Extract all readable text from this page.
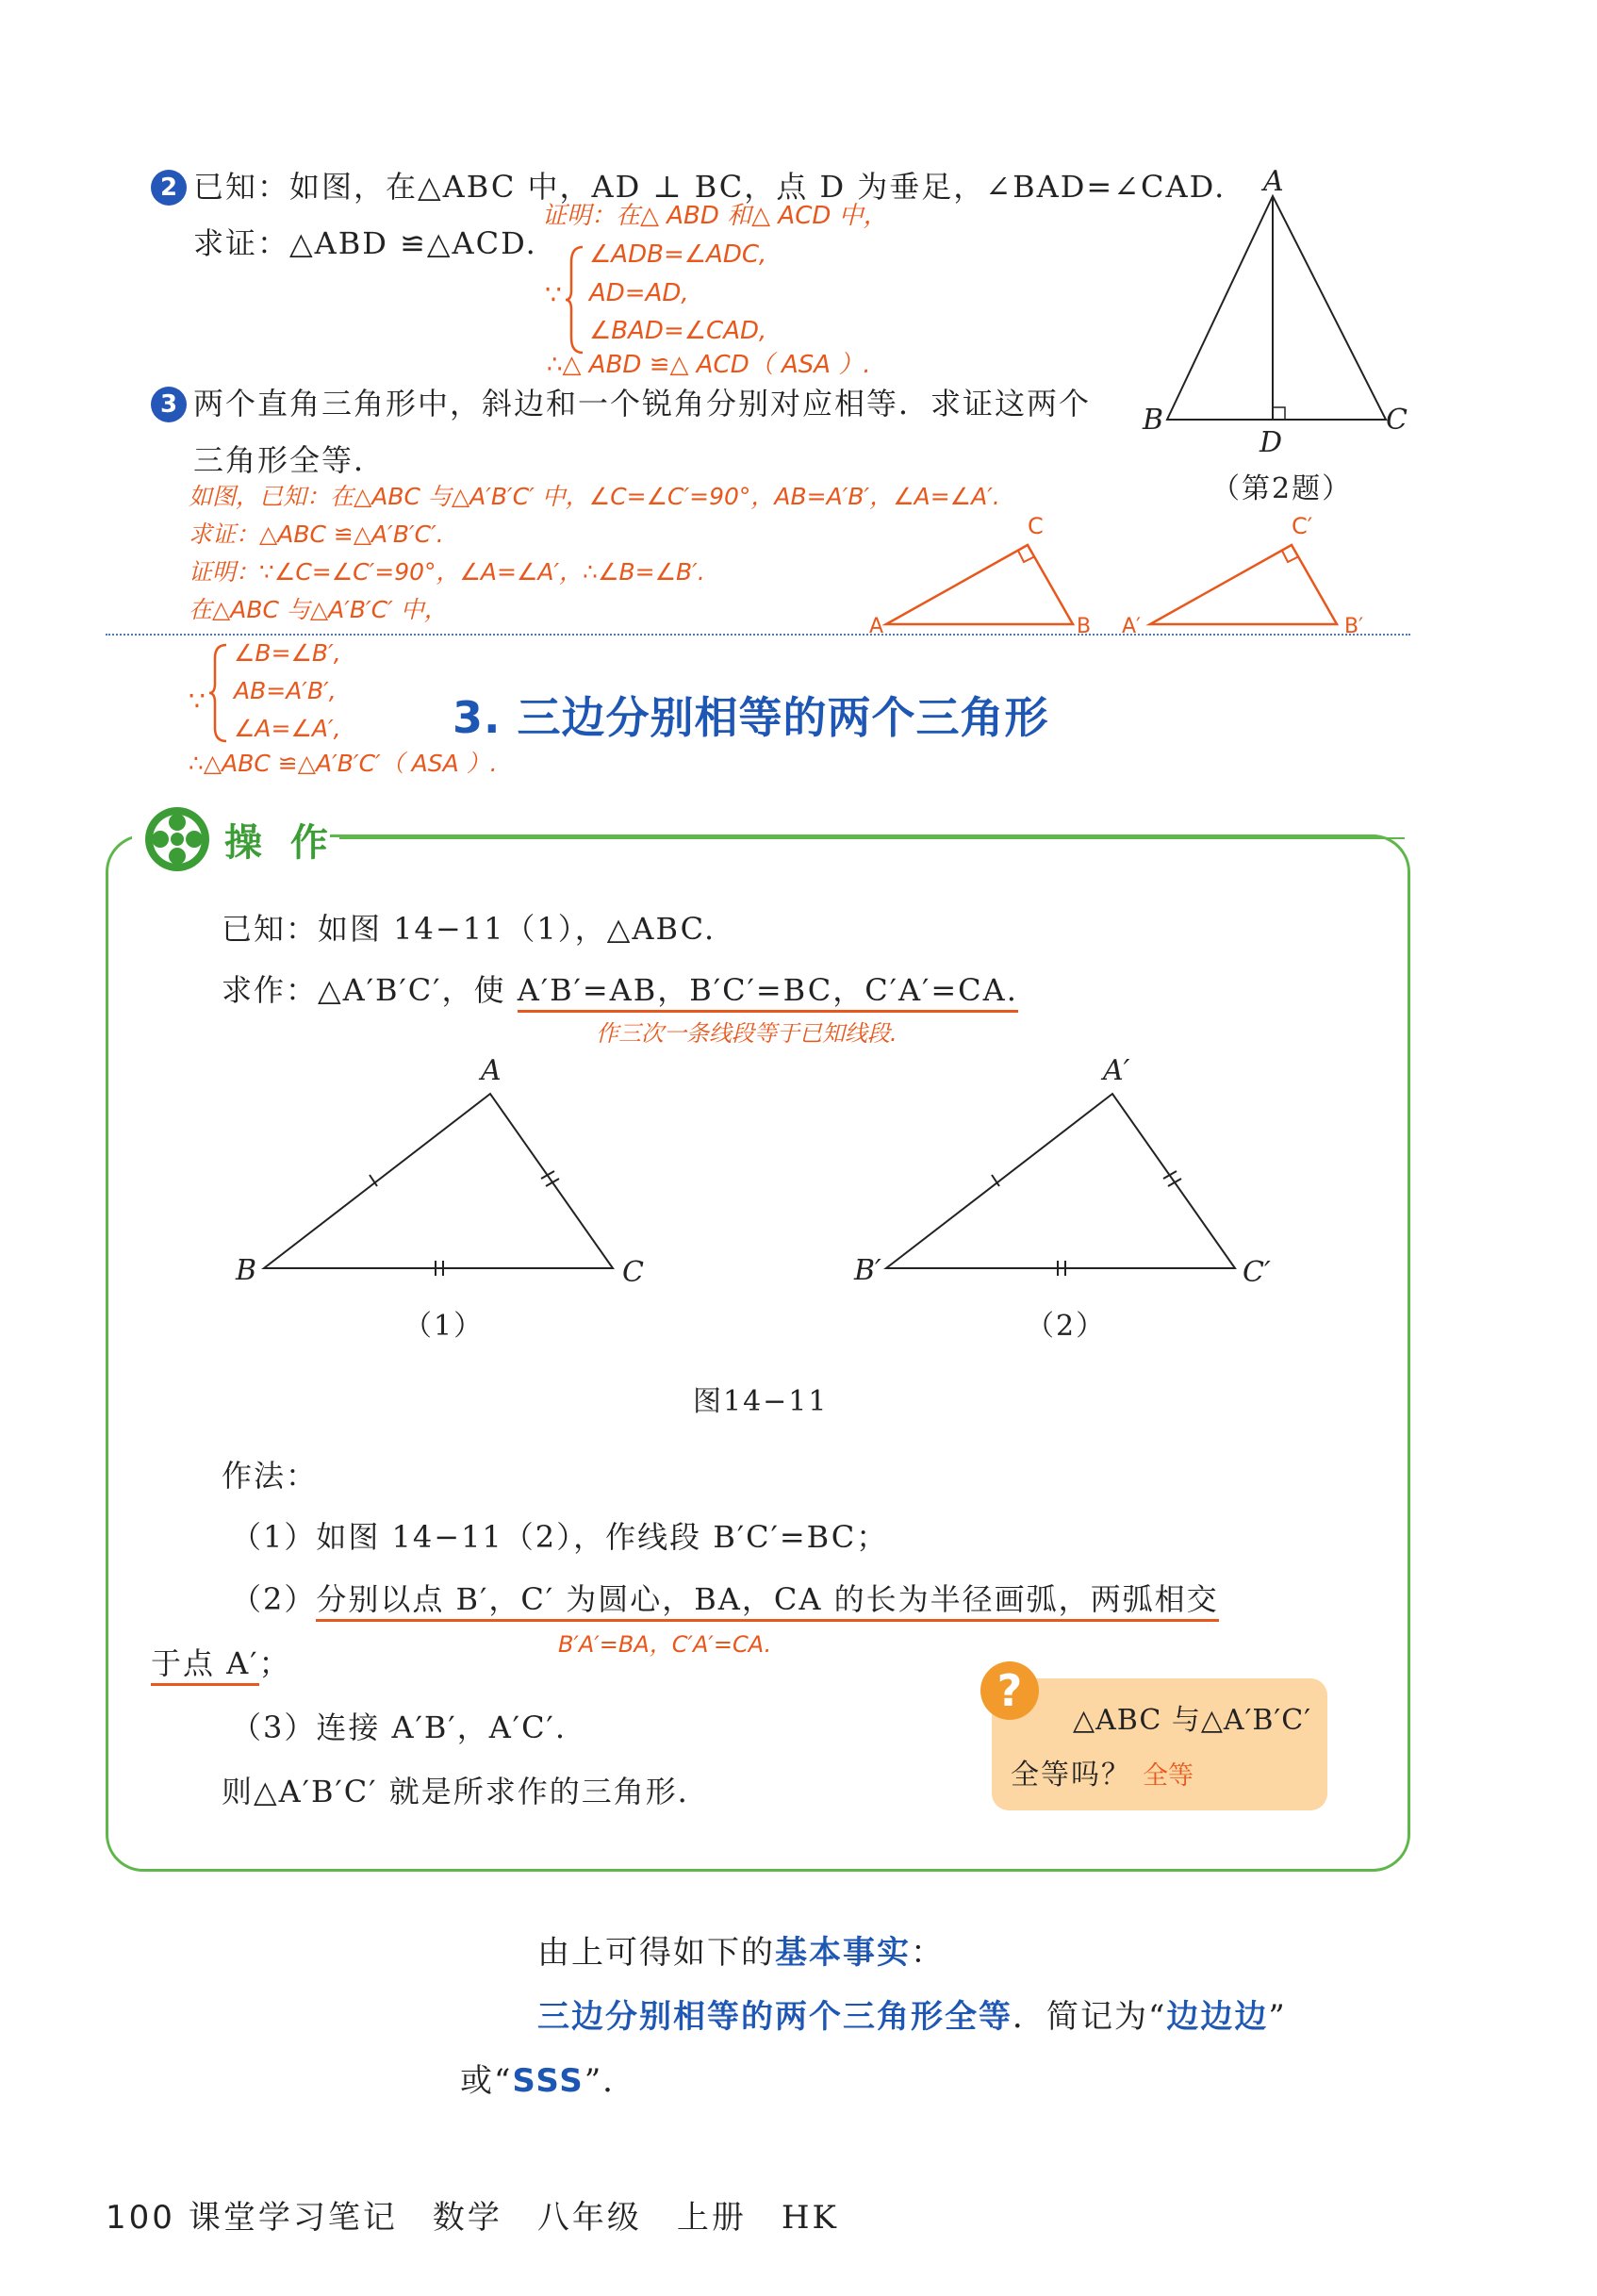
2 已知：如图，在△ABC 中，AD ⊥ BC，点 D 为垂足，∠BAD=∠CAD.
求证：△ABD ≌△ACD.
证明：在△ ABD 和△ ACD 中，
∵
∠ADB=∠ADC,
AD=AD,
∠BAD=∠CAD,
∴△ ABD ≌△ ACD（ ASA ）.
A
B	C
D
（第2题）
3 两个直角三角形中，斜边和一个锐角分别对应相等．求证这两个
三角形全等．
如图，已知：在△ABC 与△A′B′C′ 中，∠C=∠C′=90°，AB=A′B′，∠A=∠A′.
求证：△ABC ≌△A′B′C′.
证明：∵∠C=∠C′=90°，∠A=∠A′，∴∠B=∠B′.
在△ABC 与△A′B′C′ 中，
C
A	B
C′
A′	B′
∵
∠B=∠B′,
AB=A′B′,
∠A=∠A′,
∴△ABC ≌△A′B′C′（ ASA ）.
3. 三边分别相等的两个三角形
操 作
已知：如图 14−11（1），△ABC.
求作：△A′B′C′，使 A′B′=AB，B′C′=BC，C′A′=CA.
作三次一条线段等于已知线段.
A
B	C
（1）
A′
B′	C′
（2）
图14−11
作法：
（1）如图 14−11（2），作线段 B′C′=BC；
（2）分别以点 B′，C′ 为圆心，BA，CA 的长为半径画弧，两弧相交
B′A′=BA，C′A′=CA.
于点 A′；
（3）连接 A′B′，A′C′.
则△A′B′C′ 就是所求作的三角形．
?
△ABC 与△A′B′C′
全等吗？ 全等
由上可得如下的基本事实：
三边分别相等的两个三角形全等．简记为“边边边”
或“SSS”．
100 课堂学习笔记　数学　八年级　上册　HK
